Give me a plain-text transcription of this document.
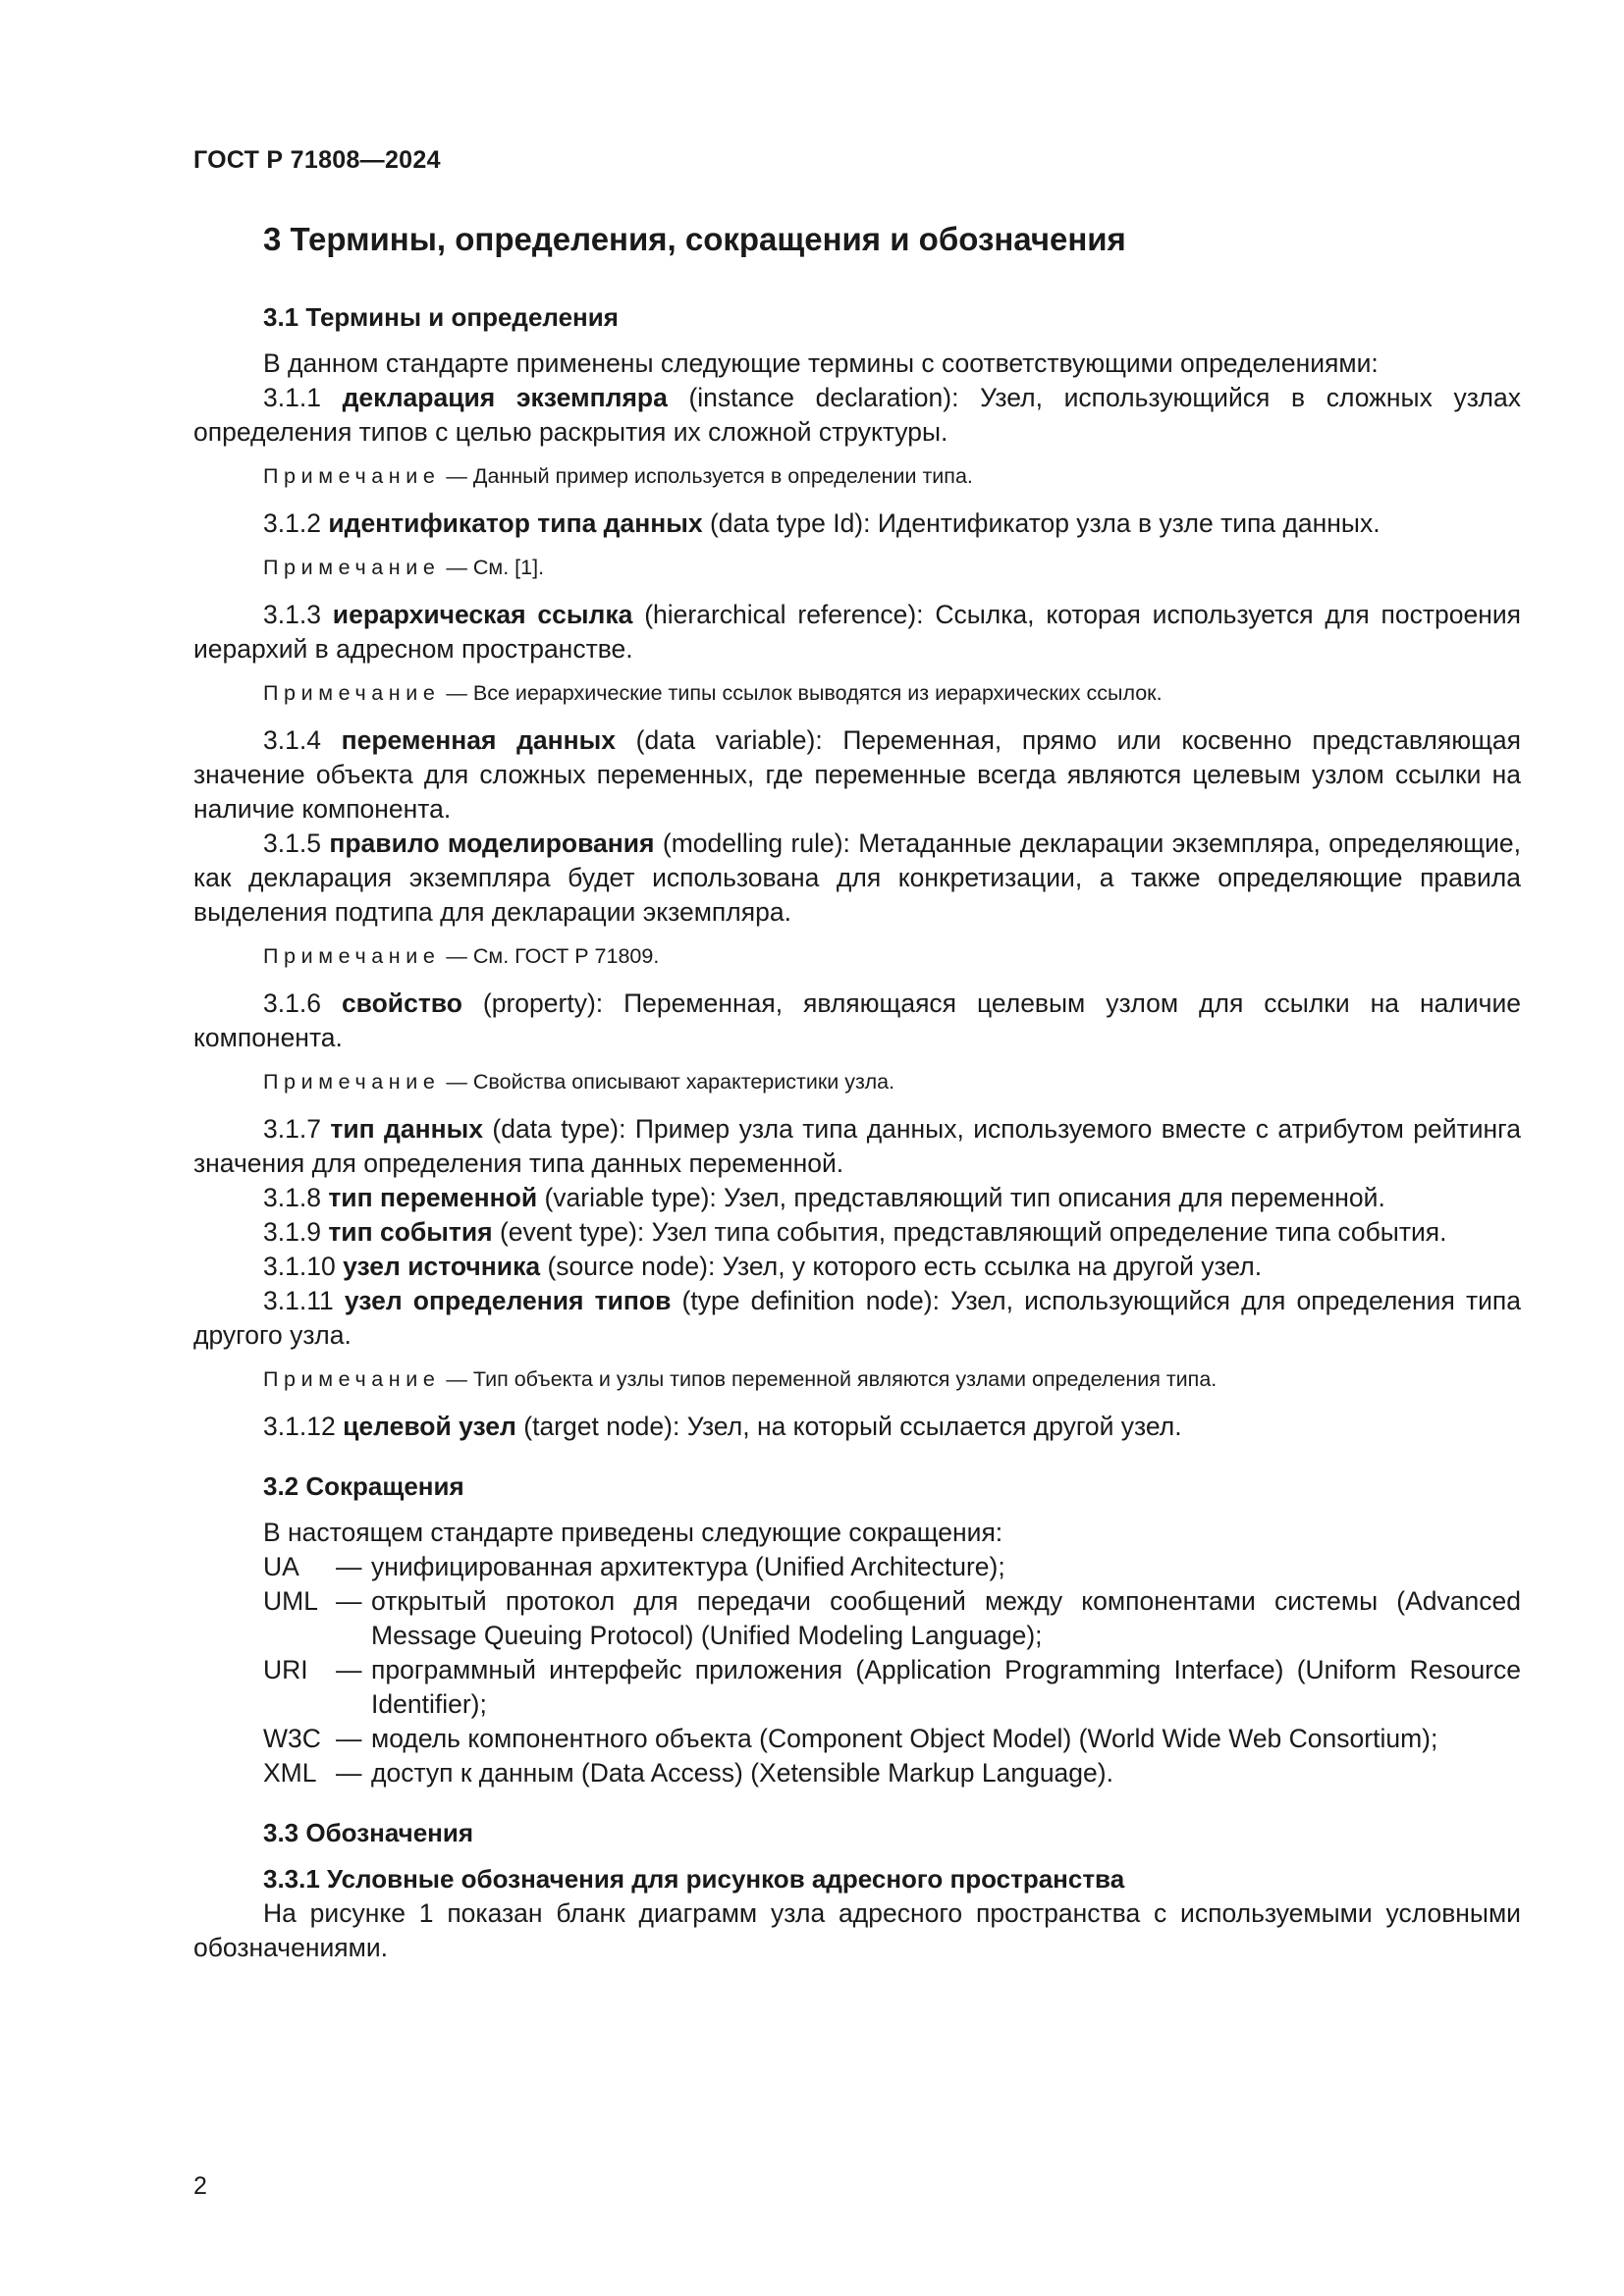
ГОСТ Р 71808—2024
3 Термины, определения, сокращения и обозначения
3.1 Термины и определения

В данном стандарте применены следующие термины с соответствующими определениями:

3.1.1 декларация экземпляра (instance declaration): Узел, использующийся в сложных узлах определения типов с целью раскрытия их сложной структуры.

Примечание — Данный пример используется в определении типа.

3.1.2 идентификатор типа данных (data type Id): Идентификатор узла в узле типа данных.

Примечание — См. [1].

3.1.3 иерархическая ссылка (hierarchical reference): Ссылка, которая используется для построения иерархий в адресном пространстве.

Примечание — Все иерархические типы ссылок выводятся из иерархических ссылок.

3.1.4 переменная данных (data variable): Переменная, прямо или косвенно представляющая значение объекта для сложных переменных, где переменные всегда являются целевым узлом ссылки на наличие компонента.

3.1.5 правило моделирования (modelling rule): Метаданные декларации экземпляра, определяющие, как декларация экземпляра будет использована для конкретизации, а также определяющие правила выделения подтипа для декларации экземпляра.

Примечание — См. ГОСТ Р 71809.

3.1.6 свойство (property): Переменная, являющаяся целевым узлом для ссылки на наличие компонента.

Примечание — Свойства описывают характеристики узла.

3.1.7 тип данных (data type): Пример узла типа данных, используемого вместе с атрибутом рейтинга значения для определения типа данных переменной.

3.1.8 тип переменной (variable type): Узел, представляющий тип описания для переменной.

3.1.9 тип события (event type): Узел типа события, представляющий определение типа события.

3.1.10 узел источника (source node): Узел, у которого есть ссылка на другой узел.

3.1.11 узел определения типов (type definition node): Узел, использующийся для определения типа другого узла.

Примечание — Тип объекта и узлы типов переменной являются узлами определения типа.

3.1.12 целевой узел (target node): Узел, на который ссылается другой узел.

3.2 Сокращения

В настоящем стандарте приведены следующие сокращения:

UA	— унифицированная архитектура (Unified Architecture);
UML — открытый протокол для передачи сообщений между компонентами системы (Advanced Message Queuing Protocol) (Unified Modeling Language);
URI	— программный интерфейс приложения (Application Programming Interface) (Uniform Resource Identifier);
W3C — модель компонентного объекта (Component Object Model) (World Wide Web Consortium);
XML — доступ к данным (Data Access) (Xetensible Markup Language).
3.3 Обозначения
3.3.1 Условные обозначения для рисунков адресного пространства

На рисунке 1 показан бланк диаграмм узла адресного пространства с используемыми условными обозначениями.

2
